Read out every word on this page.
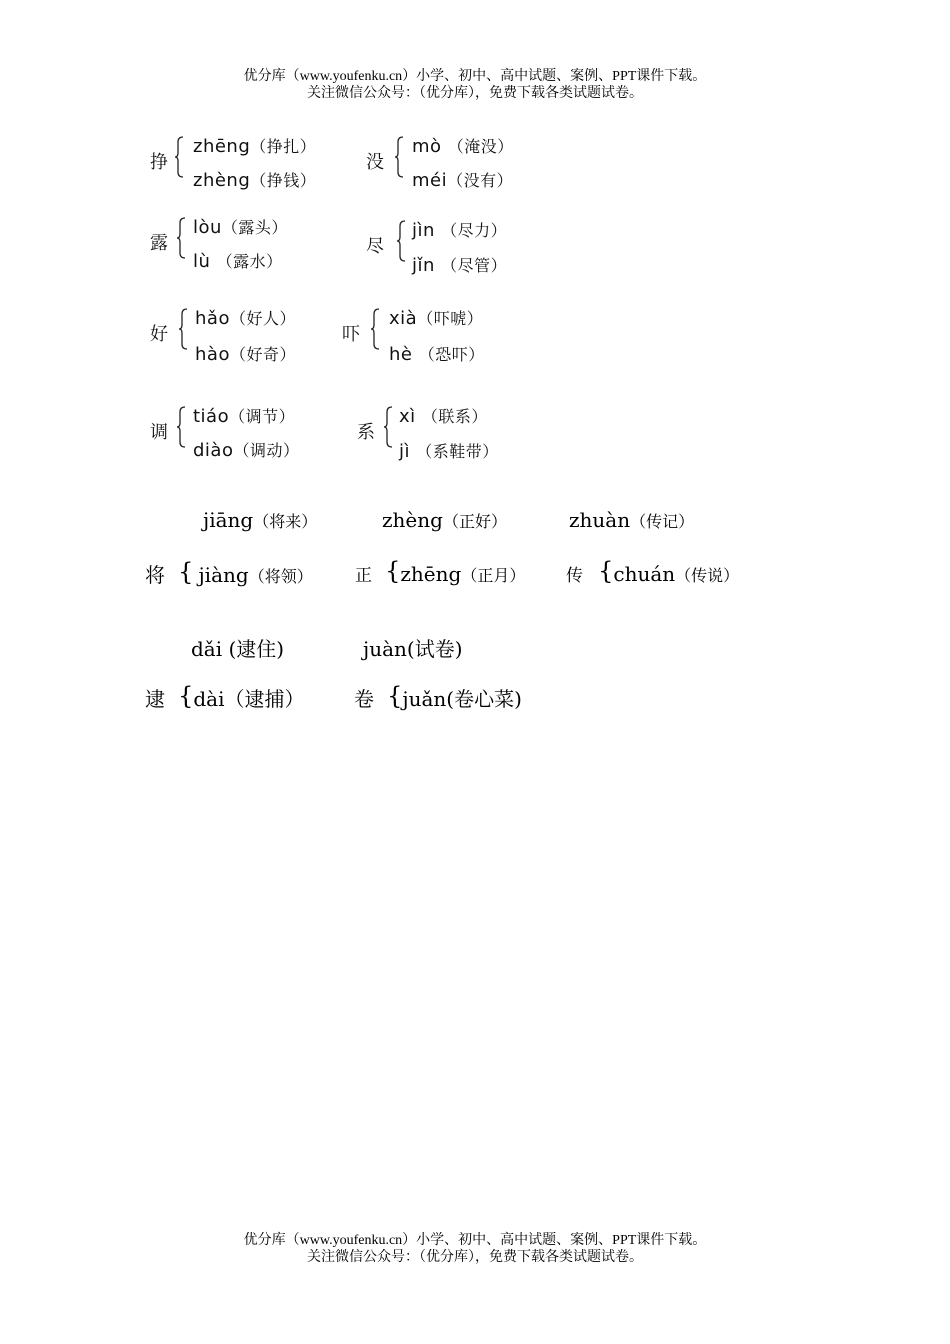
优分库（www.youfenku.cn）小学、初中、高中试题、案例、PPT课件下载。
关注微信公众号：（优分库），免费下载各类试题试卷。
挣
zhēng（挣扎）
zhèng（挣钱）
没
mò （淹没）
méi（没有）
露
lòu（露头）
lù （露水）
尽
jìn （尽力）
jǐn （尽管）
好
hǎo（好人）
hào（好奇）
吓
xià（吓唬）
hè （恐吓）
调
tiáo（调节）
diào（调动）
系
xì （联系）
jì （系鞋带）
jiāng（将来）	zhèng（正好）	zhuàn（传记）
将 { jiàng（将领） 正 {zhēng（正月） 传 {chuán（传说）
dǎi (逮住)	juàn(试卷)
逮 {dài（逮捕） 卷 {juǎn(卷心菜)
优分库（www.youfenku.cn）小学、初中、高中试题、案例、PPT课件下载。
关注微信公众号：（优分库），免费下载各类试题试卷。
